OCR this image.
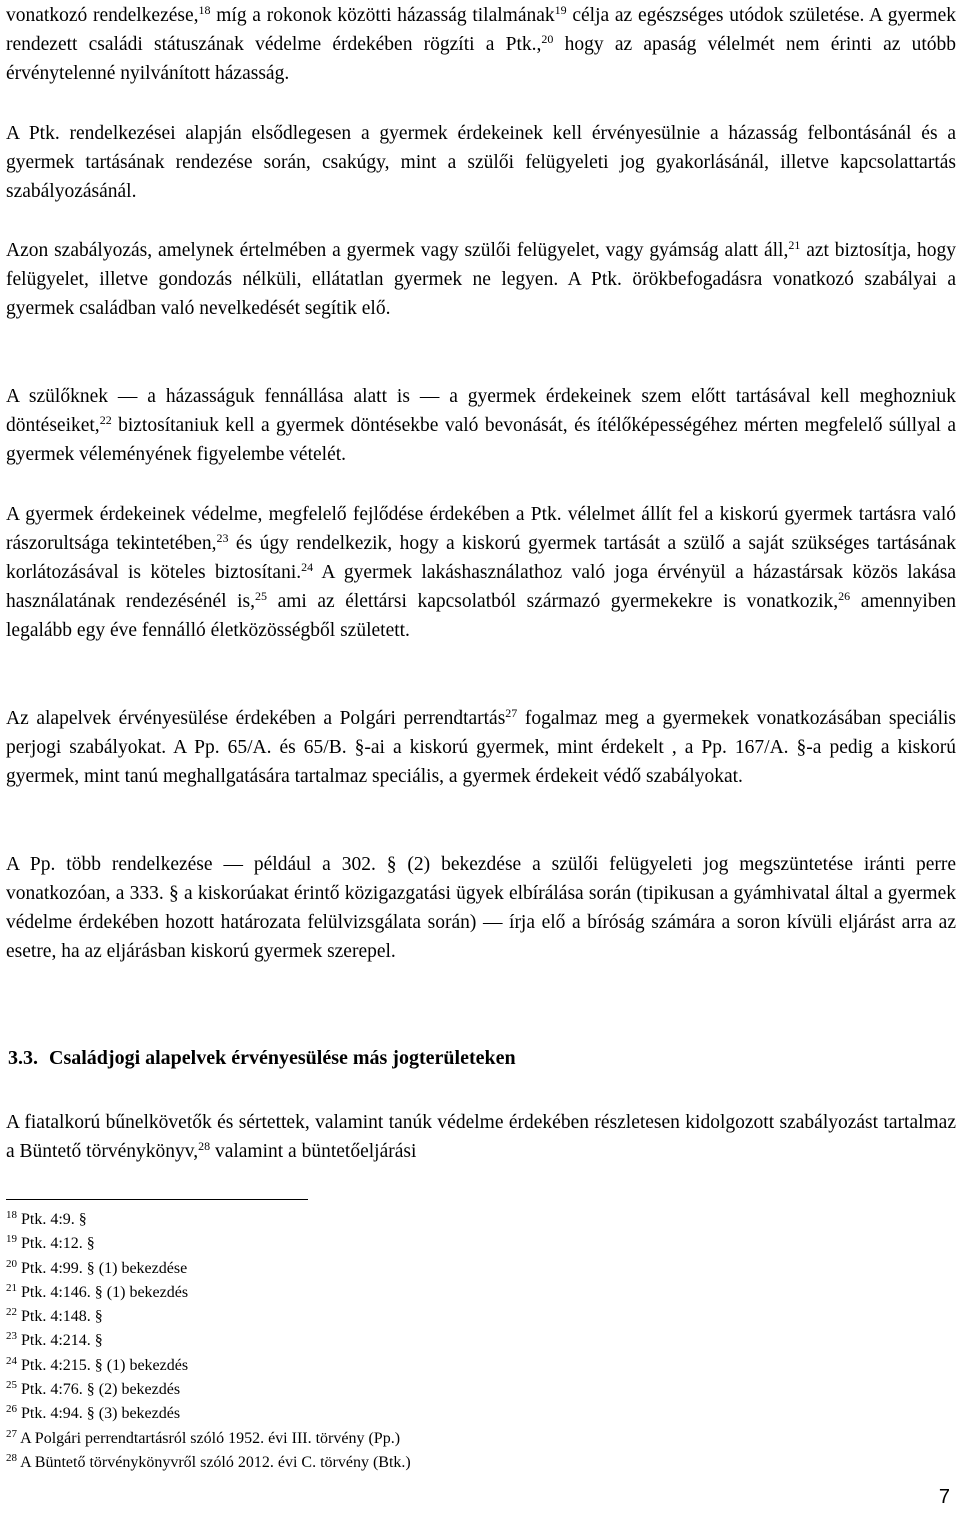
vonatkozó rendelkezése,$^{18}$ míg a rokonok közötti házasság tilalmának$^{19}$ célja az egészséges utódok születése. A gyermek rendezett családi státuszának védelme érdekében rögzíti a Ptk.,$^{20}$ hogy az apaság vélelmét nem érinti az utóbb érvénytelenné nyilvánított házasság.

A Ptk. rendelkezései alapján elsődlegesen a gyermek érdekeinek kell érvényesülnie a házasság felbontásánál és a gyermek tartásának rendezése során, csakúgy, mint a szülői felügyeleti jog gyakorlásánál, illetve kapcsolattartás szabályozásánál.

Azon szabályozás, amelynek értelmében a gyermek vagy szülői felügyelet, vagy gyámság alatt áll,$^{21}$ azt biztosítja, hogy felügyelet, illetve gondozás nélküli, ellátatlan gyermek ne legyen. A Ptk. örökbefogadásra vonatkozó szabályai a gyermek családban való nevelkedését segítik elő.

A szülőknek ― a házasságuk fennállása alatt is ― a gyermek érdekeinek szem előtt tartásával kell meghozniuk döntéseiket,$^{22}$ biztosítaniuk kell a gyermek döntésekbe való bevonását, és ítélőképességéhez mérten megfelelő súllyal a gyermek véleményének figyelembe vételét.

A gyermek érdekeinek védelme, megfelelő fejlődése érdekében a Ptk. vélelmet állít fel a kiskorú gyermek tartásra való rászorultsága tekintetében,$^{23}$ és úgy rendelkezik, hogy a kiskorú gyermek tartását a szülő a saját szükséges tartásának korlátozásával is köteles biztosítani.$^{24}$ A gyermek lakáshasználathoz való joga érvényül a házastársak közös lakása használatának rendezésénél is,$^{25}$ ami az élettársi kapcsolatból származó gyermekekre is vonatkozik,$^{26}$ amennyiben legalább egy éve fennálló életközösségből született.

Az alapelvek érvényesülése érdekében a Polgári perrendtartás$^{27}$ fogalmaz meg a gyermekek vonatkozásában speciális perjogi szabályokat. A Pp. 65/A. és 65/B. §-ai a kiskorú gyermek, mint érdekelt , a Pp. 167/A. §-a pedig a kiskorú gyermek, mint tanú meghallgatására tartalmaz speciális, a gyermek érdekeit védő szabályokat.

A Pp. több rendelkezése ― például a 302. § (2) bekezdése a szülői felügyeleti jog megszüntetése iránti perre vonatkozóan, a 333. § a kiskorúakat érintő közigazgatási ügyek elbírálása során (tipikusan a gyámhivatal által a gyermek védelme érdekében hozott határozata felülvizsgálata során) ― írja elő a bíróság számára a soron kívüli eljárást arra az esetre, ha az eljárásban kiskorú gyermek szerepel.

3.3. Családjogi alapelvek érvényesülése más jogterületeken

A fiatalkorú bűnelkövetők és sértettek, valamint tanúk védelme érdekében részletesen kidolgozott szabályozást tartalmaz a Büntető törvénykönyv,$^{28}$ valamint a büntetőeljárási

$^{18}$ Ptk. 4:9. §
$^{19}$ Ptk. 4:12. §
$^{20}$ Ptk. 4:99. § (1) bekezdése
$^{21}$ Ptk. 4:146. § (1) bekezdés
$^{22}$ Ptk. 4:148. §
$^{23}$ Ptk. 4:214. §
$^{24}$ Ptk. 4:215. § (1) bekezdés
$^{25}$ Ptk. 4:76. § (2) bekezdés
$^{26}$ Ptk. 4:94. § (3) bekezdés
$^{27}$ A Polgári perrendtartásról szóló 1952. évi III. törvény (Pp.)
$^{28}$ A Büntető törvénykönyvről szóló 2012. évi C. törvény (Btk.)
7
